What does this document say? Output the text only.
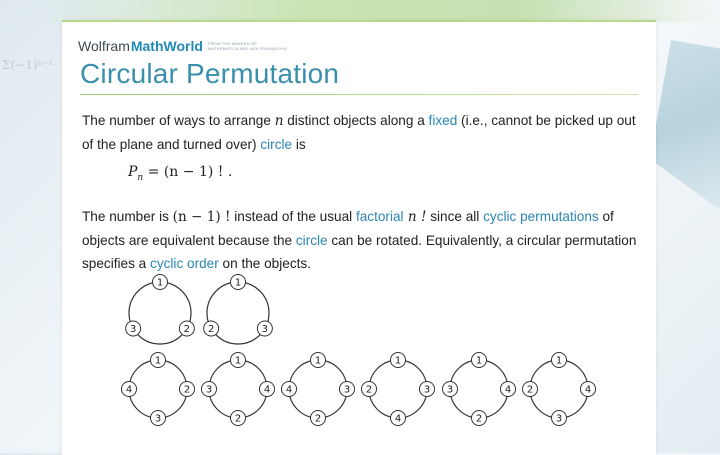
Σ(−1)ᵏ⁻¹
Wolfram MathWorld FROM THE MAKERS OF MATHEMATICA AND WOLFRAM|ALPHA
Circular Permutation

The number of ways to arrange n distinct objects along a fixed (i.e., cannot be picked up out of the plane and turned over) circle is

$P_n = (n - 1)$ ! .

The number is (n − 1) ! instead of the usual factorial n ! since all cyclic permutations of objects are equivalent because the circle can be rotated. Equivalently, a circular permutation specifies a cyclic order on the objects.

1
2
3
1
3
2
1
2
3
4
1
4
2
3
1
3
2
4
1
3
4
2
1
4
2
3
1
4
3
2
